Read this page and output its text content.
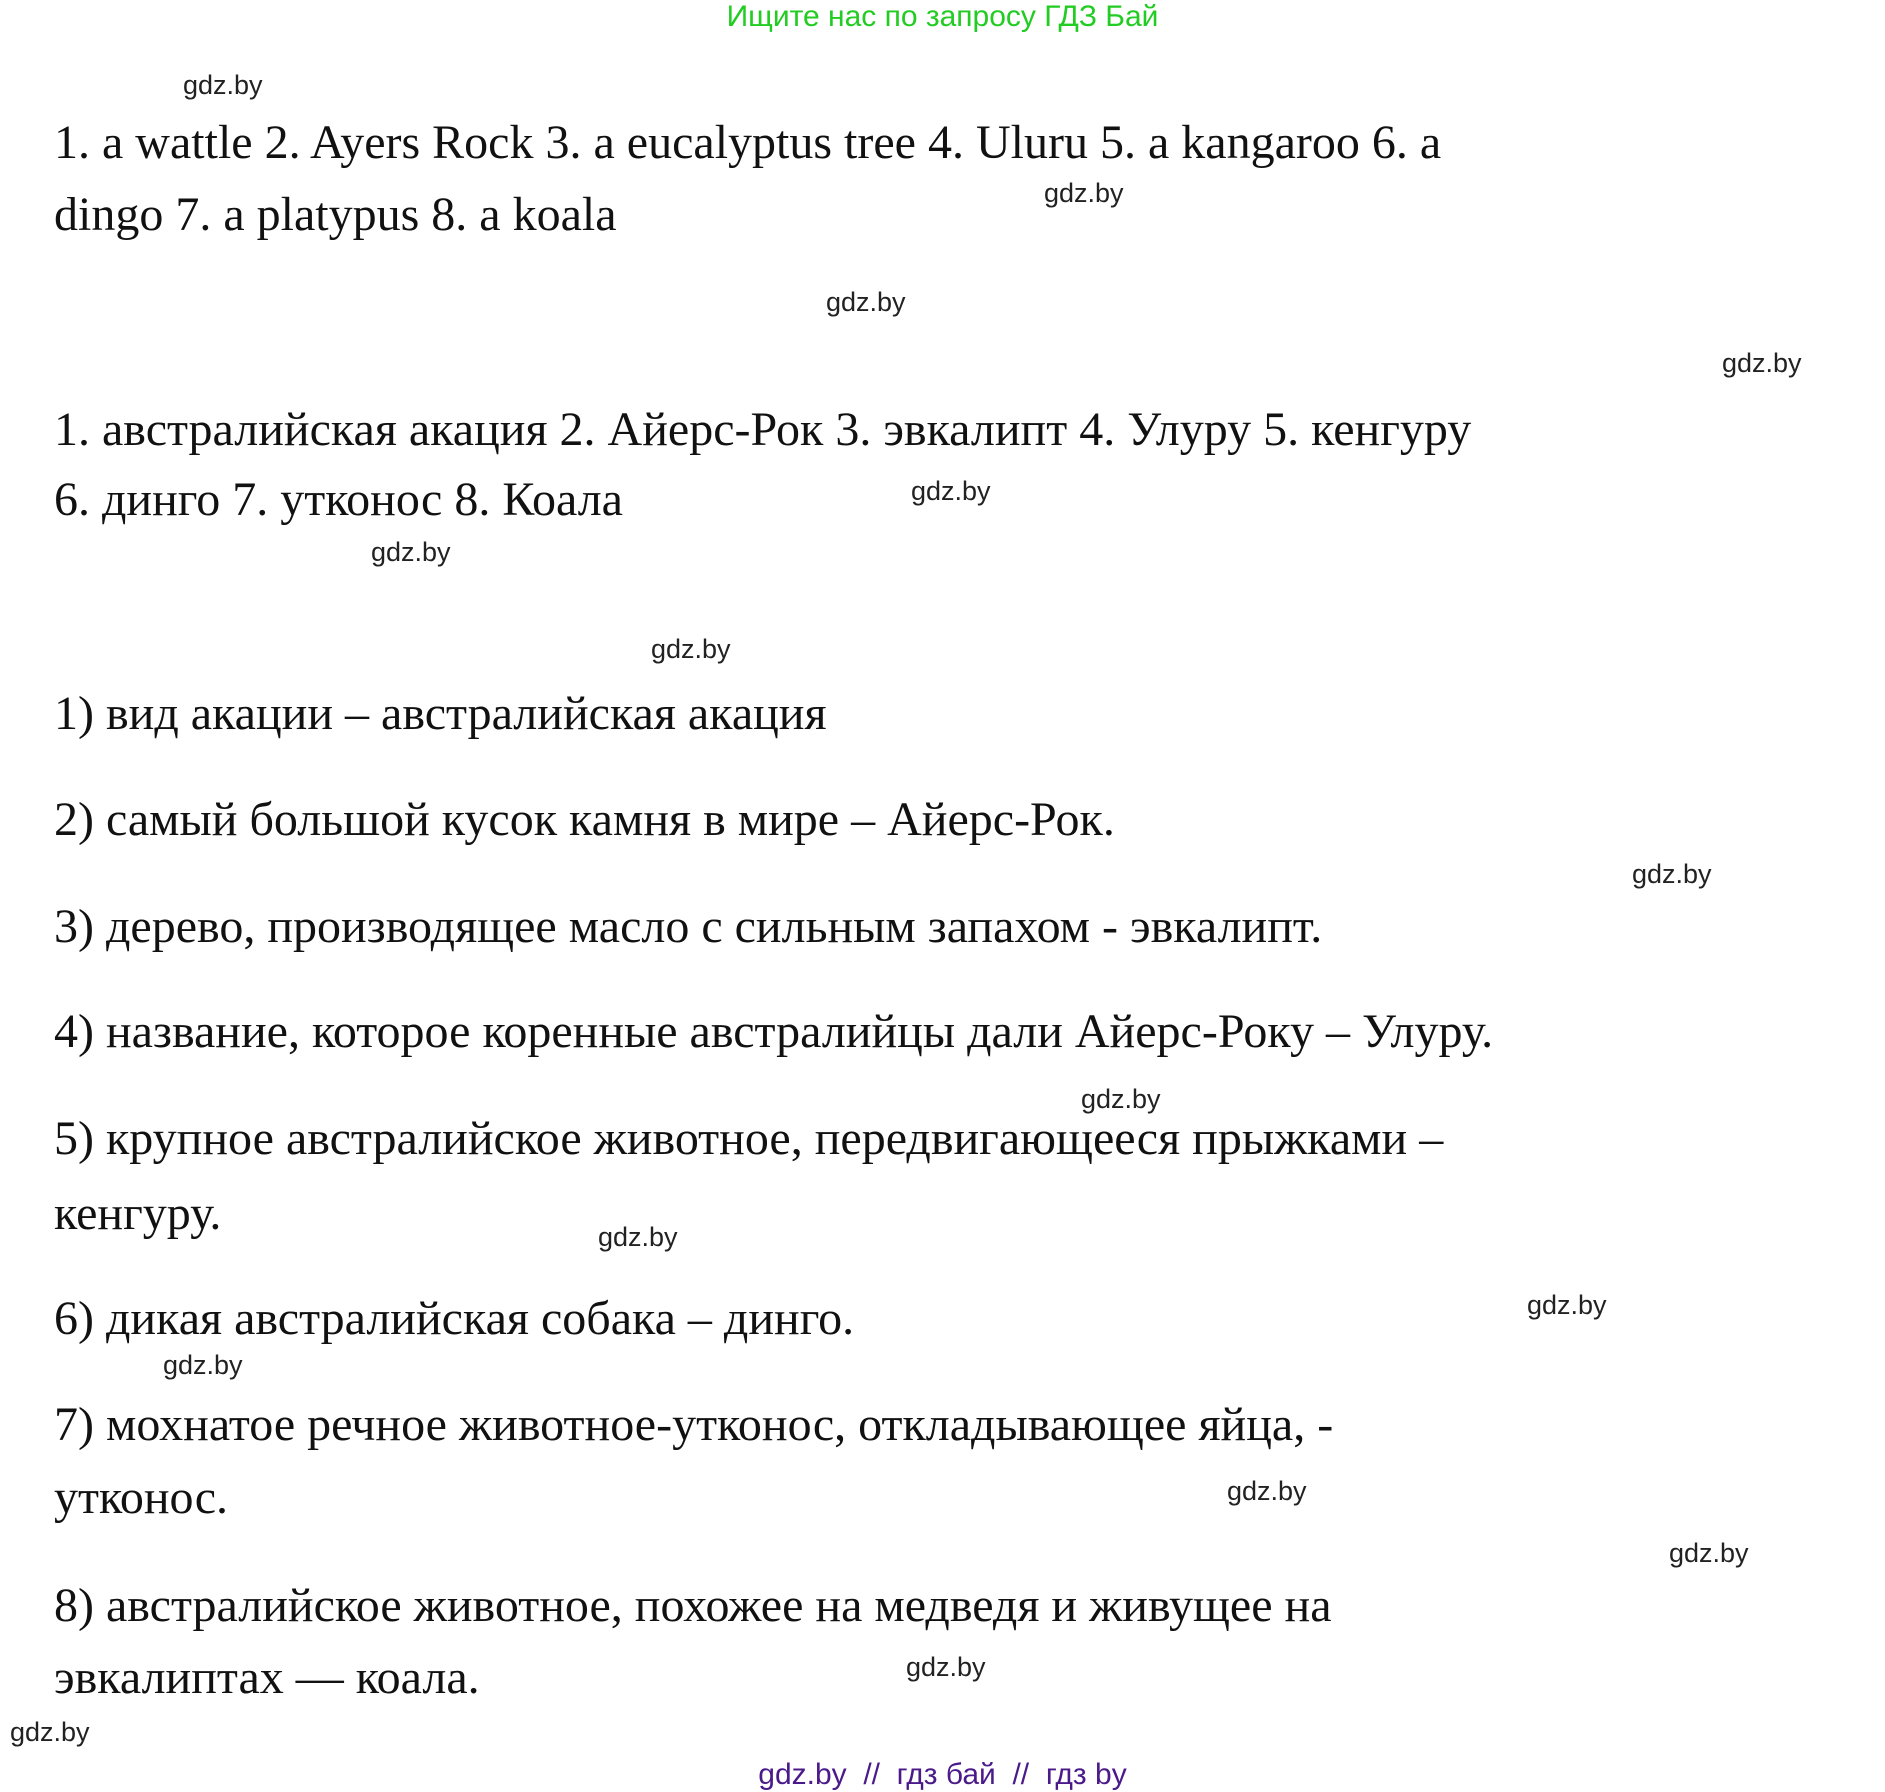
Ищите нас по запросу ГДЗ Бай
1. a wattle 2. Ayers Rock 3. a eucalyptus tree 4. Uluru 5. a kangaroo 6. a
dingo 7. a platypus 8. a koala
1. австралийская акация 2. Айерс-Рок 3. эвкалипт 4. Улуру 5. кенгуру
6. динго 7. утконос 8. Коала
1) вид акации – австралийская акация
2) самый большой кусок камня в мире – Айерс-Рок.
3) дерево, производящее масло с сильным запахом - эвкалипт.
4) название, которое коренные австралийцы дали Айерс-Року – Улуру.
5) крупное австралийское животное, передвигающееся прыжками –
кенгуру.
6) дикая австралийская собака – динго.
7) мохнатое речное животное-утконос, откладывающее яйца, -
утконос.
8) австралийское животное, похожее на медведя и живущее на
эвкалиптах — коала.
gdz.by
gdz.by
gdz.by
gdz.by
gdz.by
gdz.by
gdz.by
gdz.by
gdz.by
gdz.by
gdz.by
gdz.by
gdz.by
gdz.by
gdz.by
gdz.by
gdz.by  //  гдз бай  //  гдз by
